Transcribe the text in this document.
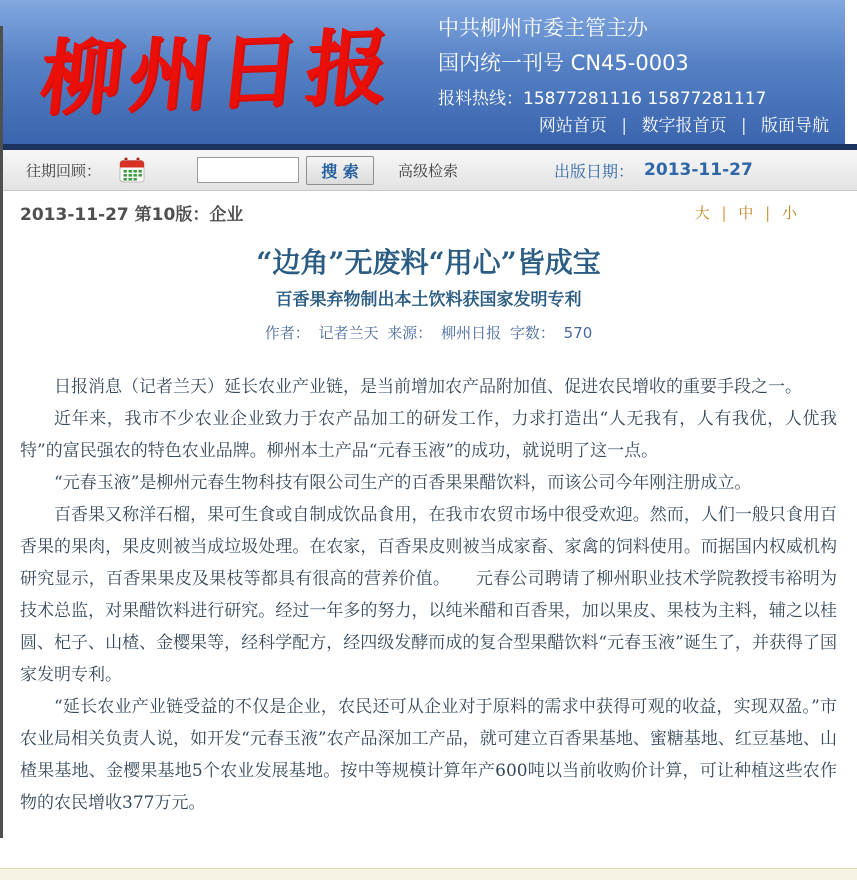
柳州日报 中共柳州市委主管主办
国内统一刊号 CN45-0003
报料热线：15877281116 15877281117
网站首页 | 数字报首页 | 版面导航
往期回顾：	搜 索	高级检索	出版日期： 2013-11-27
2013-11-27 第10版：企业	大 | 中 | 小
“边角”无废料“用心”皆成宝
百香果弃物制出本土饮料获国家发明专利
作者： 记者兰天 来源： 柳州日报 字数： 570

日报消息（记者兰天）延长农业产业链，是当前增加农产品附加值、促进农民增收的重要手段之一。

近年来，我市不少农业企业致力于农产品加工的研发工作，力求打造出“人无我有，人有我优，人优我特”的富民强农的特色农业品牌。柳州本土产品“元春玉液”的成功，就说明了这一点。

“元春玉液”是柳州元春生物科技有限公司生产的百香果果醋饮料，而该公司今年刚注册成立。

百香果又称洋石榴，果可生食或自制成饮品食用，在我市农贸市场中很受欢迎。然而，人们一般只食用百香果的果肉，果皮则被当成垃圾处理。在农家，百香果皮则被当成家畜、家禽的饲料使用。而据国内权威机构研究显示，百香果果皮及果枝等都具有很高的营养价值。　　元春公司聘请了柳州职业技术学院教授韦裕明为技术总监，对果醋饮料进行研究。经过一年多的努力，以纯米醋和百香果，加以果皮、果枝为主料，辅之以桂圆、杞子、山楂、金樱果等，经科学配方，经四级发酵而成的复合型果醋饮料“元春玉液”诞生了，并获得了国家发明专利。

“延长农业产业链受益的不仅是企业，农民还可从企业对于原料的需求中获得可观的收益，实现双盈。”市农业局相关负责人说，如开发“元春玉液”农产品深加工产品，就可建立百香果基地、蜜糖基地、红豆基地、山楂果基地、金樱果基地5个农业发展基地。按中等规模计算年产600吨以当前收购价计算，可让种植这些农作物的农民增收377万元。
